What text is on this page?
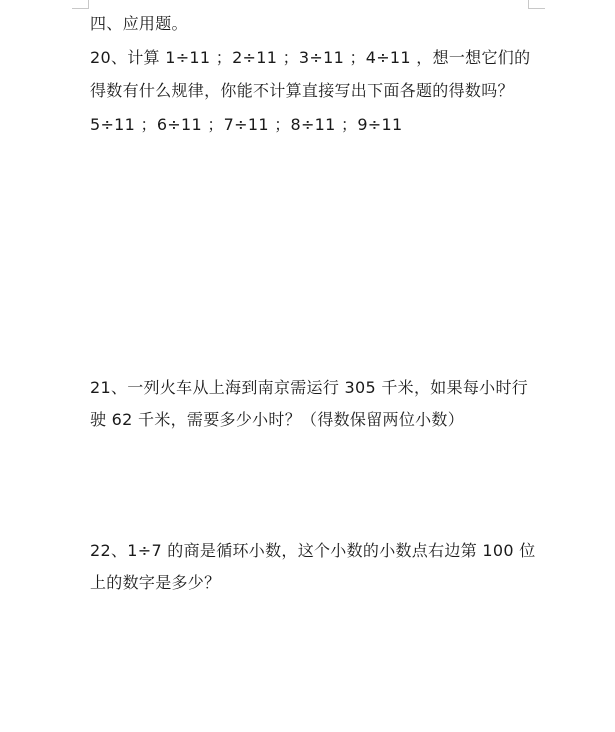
四、应用题。
20、计算 1÷11 ；2÷11 ；3÷11 ；4÷11 ，想一想它们的
得数有什么规律，你能不计算直接写出下面各题的得数吗？
5÷11 ；6÷11 ；7÷11 ；8÷11 ；9÷11
21、一列火车从上海到南京需运行 305 千米，如果每小时行
驶 62 千米，需要多少小时？（得数保留两位小数）
22、1÷7 的商是循环小数，这个小数的小数点右边第 100 位
上的数字是多少？
